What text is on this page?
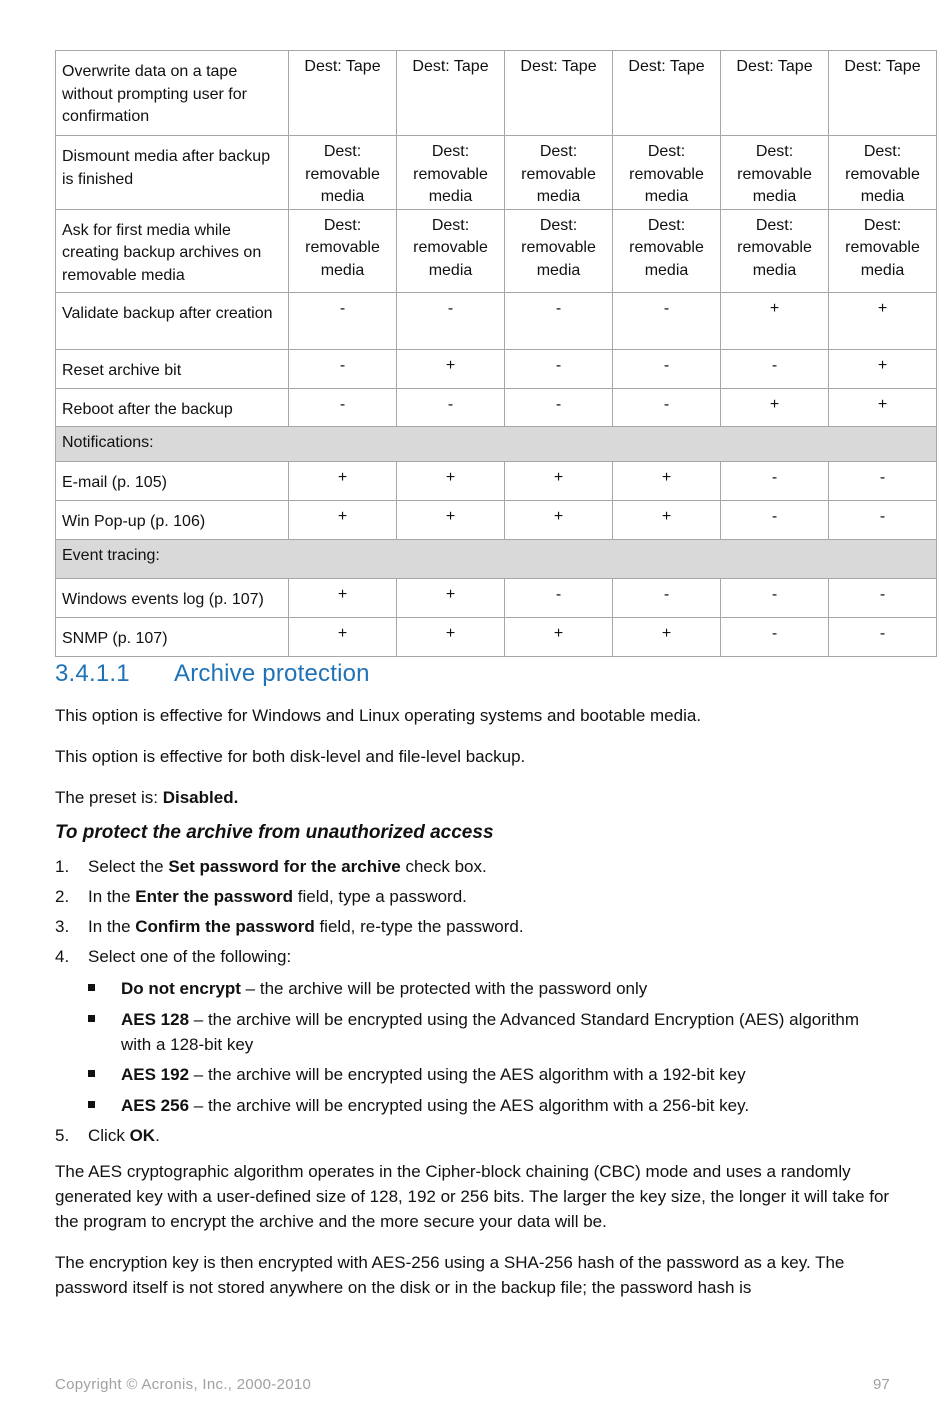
Overwrite data on a tape without prompting user for confirmation	Dest: Tape	Dest: Tape	Dest: Tape	Dest: Tape	Dest: Tape	Dest: Tape
Dismount media after backup is finished	Dest: removable media	Dest: removable media	Dest: removable media	Dest: removable media	Dest: removable media	Dest: removable media
Ask for first media while creating backup archives on removable media	Dest: removable media	Dest: removable media	Dest: removable media	Dest: removable media	Dest: removable media	Dest: removable media
Validate backup after creation	-	-	-	-	+	+
Reset archive bit	-	+	-	-	-	+
Reboot after the backup	-	-	-	-	+	+
Notifications:						
E-mail (p. 105)	+	+	+	+	-	-
Win Pop-up (p. 106)	+	+	+	+	-	-
Event tracing:						
Windows events log (p. 107)	+	+	-	-	-	-
SNMP (p. 107)	+	+	+	+	-	-
3.4.1.1 Archive protection
This option is effective for Windows and Linux operating systems and bootable media.
This option is effective for both disk-level and file-level backup.
The preset is: Disabled.
To protect the archive from unauthorized access
1. Select the Set password for the archive check box.
2. In the Enter the password field, type a password.
3. In the Confirm the password field, re-type the password.
4. Select one of the following:
Do not encrypt – the archive will be protected with the password only
AES 128 – the archive will be encrypted using the Advanced Standard Encryption (AES) algorithm with a 128-bit key
AES 192 – the archive will be encrypted using the AES algorithm with a 192-bit key
AES 256 – the archive will be encrypted using the AES algorithm with a 256-bit key.
5. Click OK.
The AES cryptographic algorithm operates in the Cipher-block chaining (CBC) mode and uses a randomly generated key with a user-defined size of 128, 192 or 256 bits. The larger the key size, the longer it will take for the program to encrypt the archive and the more secure your data will be.
The encryption key is then encrypted with AES-256 using a SHA-256 hash of the password as a key. The password itself is not stored anywhere on the disk or in the backup file; the password hash is
Copyright © Acronis, Inc., 2000-2010	97
